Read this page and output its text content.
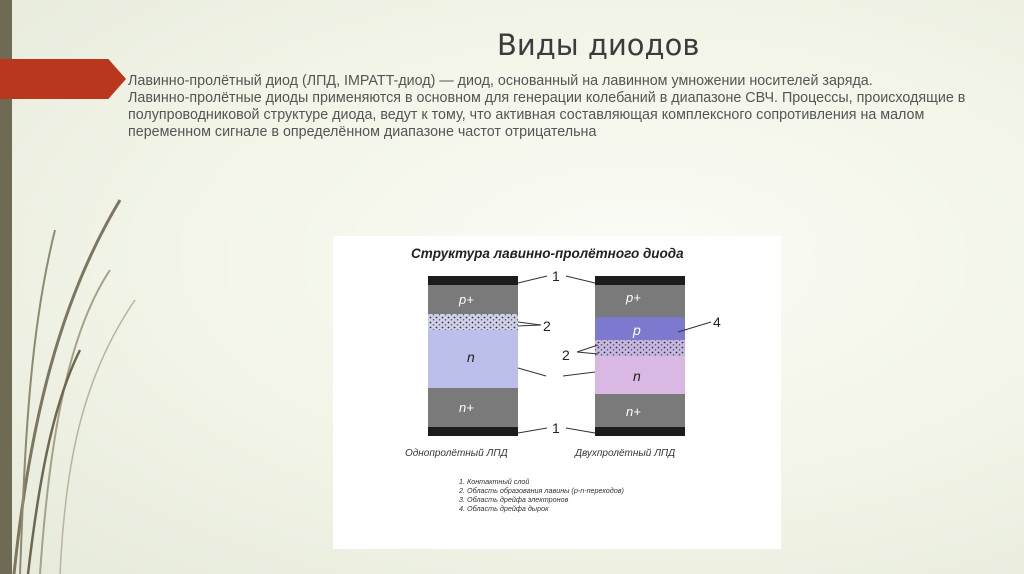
Виды диодов

Лавинно-пролётный диод (ЛПД, IMPATT-диод) — диод, основанный на лавинном умножении носителей заряда.

Лавинно-пролётные диоды применяются в основном для генерации колебаний в диапазоне СВЧ. Процессы, происходящие в полупроводниковой структуре диода, ведут к тому, что активная составляющая комплексного сопротивления на малом переменном сигнале в определённом диапазоне частот отрицательна

Структура лавинно-пролётного диода
p+
n
n+
Однопролётный ЛПД
p+
p
n
n+
Двухпролётный ЛПД
1
2	4
2
1
1. Контактный слой
2. Область образования лавины (p-n-переходов)
3. Область дрейфа электронов
4. Область дрейфа дырок
